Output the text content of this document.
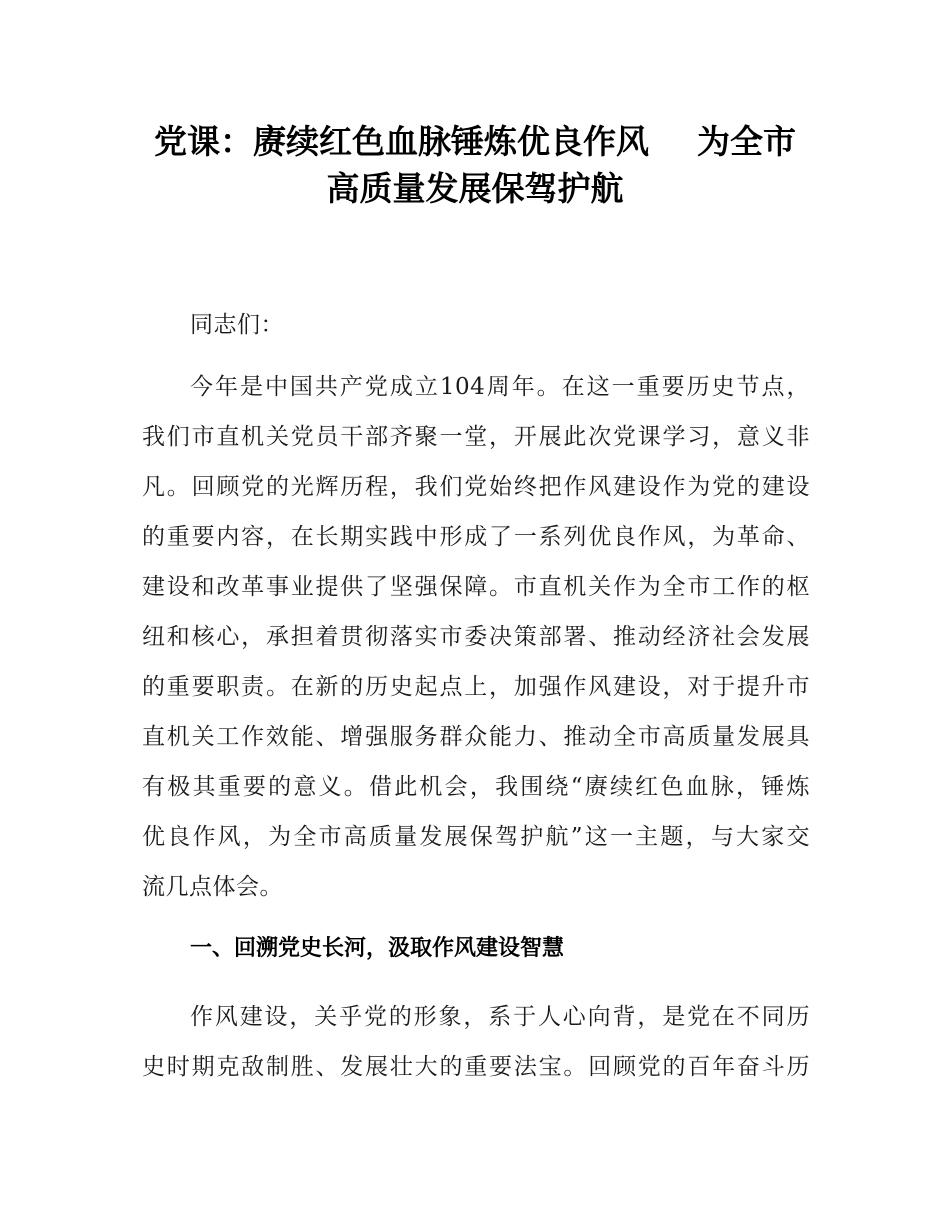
党课：赓续红色血脉锤炼优良作风 为全市
高质量发展保驾护航
同志们：
今年是中国共产党成立104周年。在这一重要历史节点，
我们市直机关党员干部齐聚一堂，开展此次党课学习，意义非
凡。回顾党的光辉历程，我们党始终把作风建设作为党的建设
的重要内容，在长期实践中形成了一系列优良作风，为革命、
建设和改革事业提供了坚强保障。市直机关作为全市工作的枢
纽和核心，承担着贯彻落实市委决策部署、推动经济社会发展
的重要职责。在新的历史起点上，加强作风建设，对于提升市
直机关工作效能、增强服务群众能力、推动全市高质量发展具
有极其重要的意义。借此机会，我围绕“赓续红色血脉，锤炼
优良作风，为全市高质量发展保驾护航”这一主题，与大家交
流几点体会。
一、回溯党史长河，汲取作风建设智慧
作风建设，关乎党的形象，系于人心向背，是党在不同历
史时期克敌制胜、发展壮大的重要法宝。回顾党的百年奋斗历
